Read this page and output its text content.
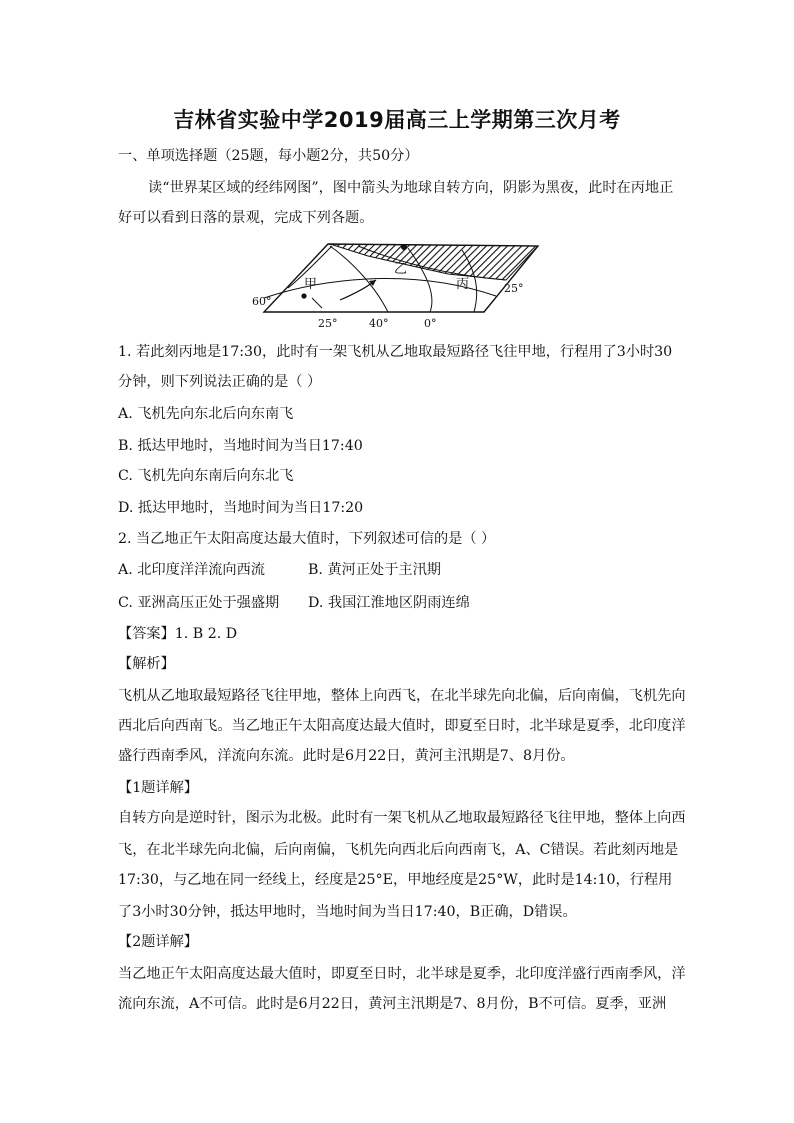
吉林省实验中学2019届高三上学期第三次月考
一、单项选择题（25题，每小题2分，共50分）
读“世界某区域的经纬网图”，图中箭头为地球自转方向，阴影为黑夜，此时在丙地正
好可以看到日落的景观，完成下列各题。
甲
乙
丙
60°
25°
25°	40°	0°
1. 若此刻丙地是17:30，此时有一架飞机从乙地取最短路径飞往甲地，行程用了3小时30
分钟，则下列说法正确的是（ ）
A. 飞机先向东北后向东南飞
B. 抵达甲地时，当地时间为当日17:40
C. 飞机先向东南后向东北飞
D. 抵达甲地时，当地时间为当日17:20
2. 当乙地正午太阳高度达最大值时，下列叙述可信的是（ ）
A. 北印度洋洋流向西流	B. 黄河正处于主汛期
C. 亚洲高压正处于强盛期 D. 我国江淮地区阴雨连绵
【答案】1. B 2. D
【解析】
飞机从乙地取最短路径飞往甲地，整体上向西飞，在北半球先向北偏，后向南偏，飞机先向
西北后向西南飞。当乙地正午太阳高度达最大值时，即夏至日时，北半球是夏季，北印度洋
盛行西南季风，洋流向东流。此时是6月22日，黄河主汛期是7、8月份。
【1题详解】
自转方向是逆时针，图示为北极。此时有一架飞机从乙地取最短路径飞往甲地，整体上向西
飞，在北半球先向北偏，后向南偏，飞机先向西北后向西南飞，A、C错误。若此刻丙地是
17:30，与乙地在同一经线上，经度是25°E，甲地经度是25°W，此时是14:10，行程用
了3小时30分钟，抵达甲地时，当地时间为当日17:40，B正确，D错误。
【2题详解】
当乙地正午太阳高度达最大值时，即夏至日时，北半球是夏季，北印度洋盛行西南季风，洋
流向东流，A不可信。此时是6月22日，黄河主汛期是7、8月份，B不可信。夏季，亚洲
